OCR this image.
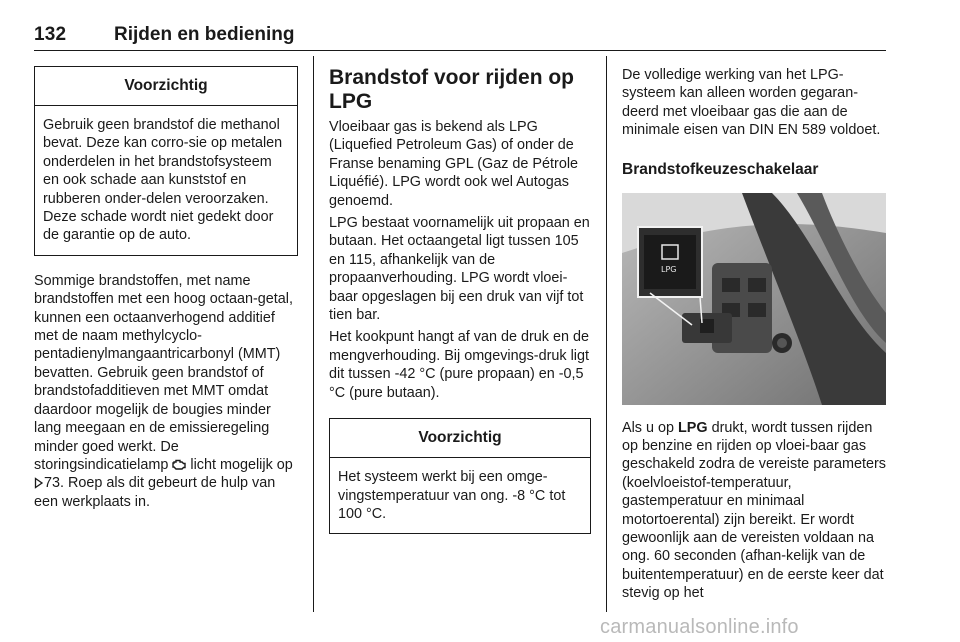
132	Rijden en bediening
Voorzichtig
Gebruik geen brandstof die methanol bevat. Deze kan corro-sie op metalen onderdelen in het brandstofsysteem en ook schade aan kunststof en rubberen onder-delen veroorzaken. Deze schade wordt niet gedekt door de garantie op de auto.

Sommige brandstoffen, met name brandstoffen met een hoog octaan-getal, kunnen een octaanverhogend additief met de naam methylcyclo-pentadienylmangaantricarbonyl (MMT) bevatten. Gebruik geen brandstof of brandstofadditieven met MMT omdat daardoor mogelijk de bougies minder lang meegaan en de emissieregeling minder goed werkt. De storingsindicatielamp  licht mogelijk op 73. Roep als dit gebeurt de hulp van een werkplaats in.

Brandstof voor rijden op LPG

Vloeibaar gas is bekend als LPG (Liquefied Petroleum Gas) of onder de Franse benaming GPL (Gaz de Pétrole Liquéfié). LPG wordt ook wel Autogas genoemd.

LPG bestaat voornamelijk uit propaan en butaan. Het octaangetal ligt tussen 105 en 115, afhankelijk van de propaanverhouding. LPG wordt vloei-baar opgeslagen bij een druk van vijf tot tien bar.

Het kookpunt hangt af van de druk en de mengverhouding. Bij omgevings-druk ligt dit tussen -42 °C (pure propaan) en -0,5 °C (pure butaan).

Voorzichtig
Het systeem werkt bij een omge-vingstemperatuur van ong. -8 °C tot 100 °C.

De volledige werking van het LPG-systeem kan alleen worden gegaran-deerd met vloeibaar gas die aan de minimale eisen van DIN EN 589 voldoet.

Brandstofkeuzeschakelaar
LPG

Als u op LPG drukt, wordt tussen rijden op benzine en rijden op vloei-baar gas geschakeld zodra de vereiste parameters (koelvloeistof-temperatuur, gastemperatuur en minimaal motortoerental) zijn bereikt. Er wordt gewoonlijk aan de vereisten voldaan na ong. 60 seconden (afhan-kelijk van de buitentemperatuur) en de eerste keer dat stevig op het

carmanualsonline.info
